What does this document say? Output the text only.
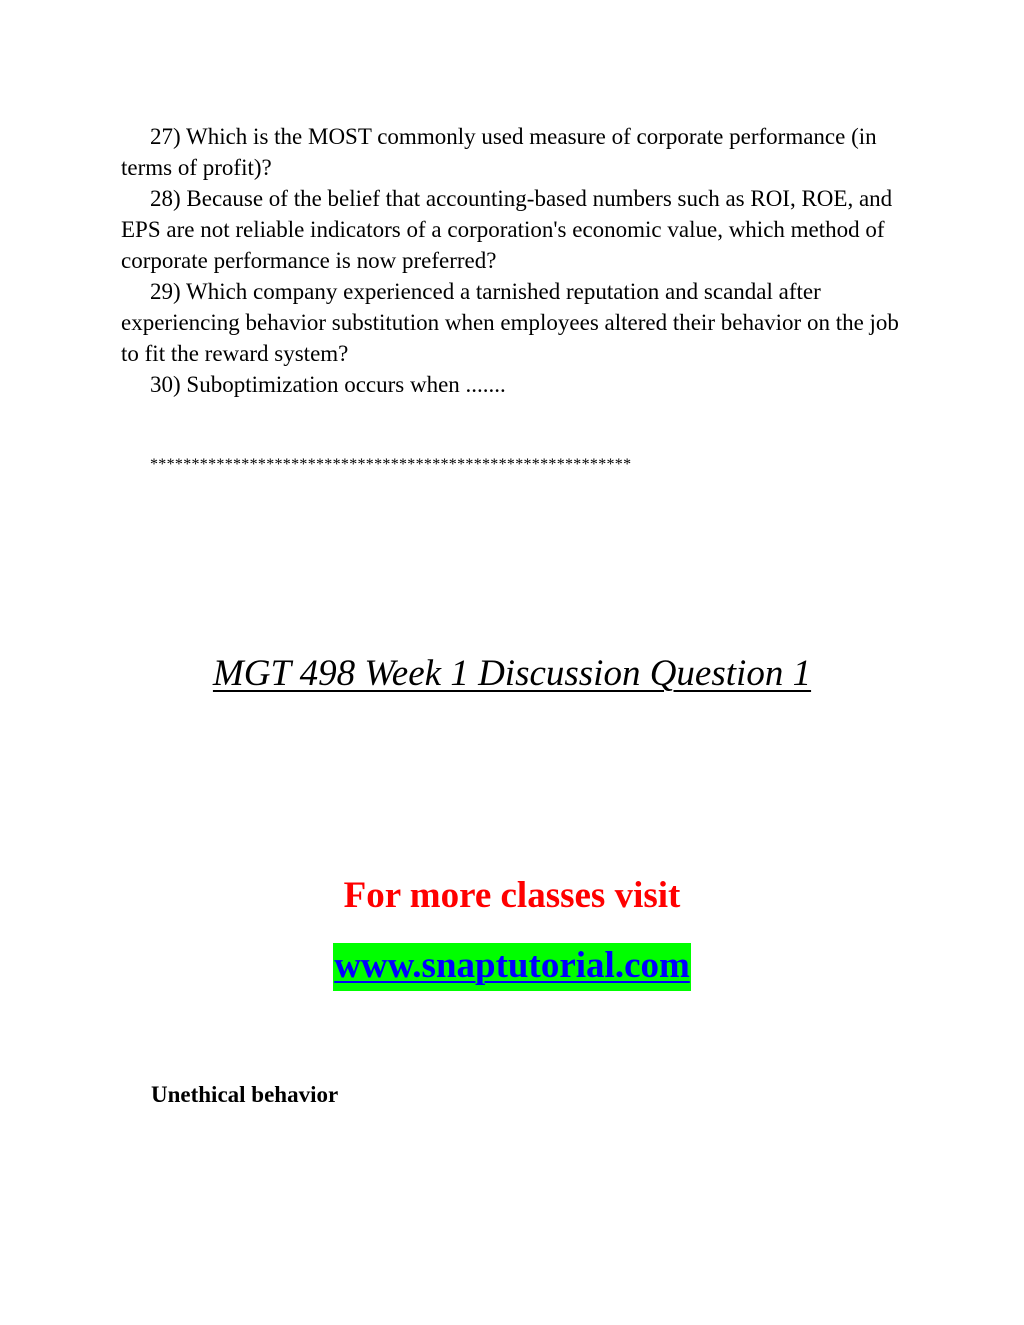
27) Which is the MOST commonly used measure of corporate performance (in terms of profit)?

28) Because of the belief that accounting-based numbers such as ROI, ROE, and EPS are not reliable indicators of a corporation's economic value, which method of corporate performance is now preferred?

29) Which company experienced a tarnished reputation and scandal after experiencing behavior substitution when employees altered their behavior on the job to fit the reward system?

30) Suboptimization occurs when .......

**********************************************************
MGT 498 Week 1 Discussion Question 1

For more classes visit

www.snaptutorial.com
Unethical behavior
